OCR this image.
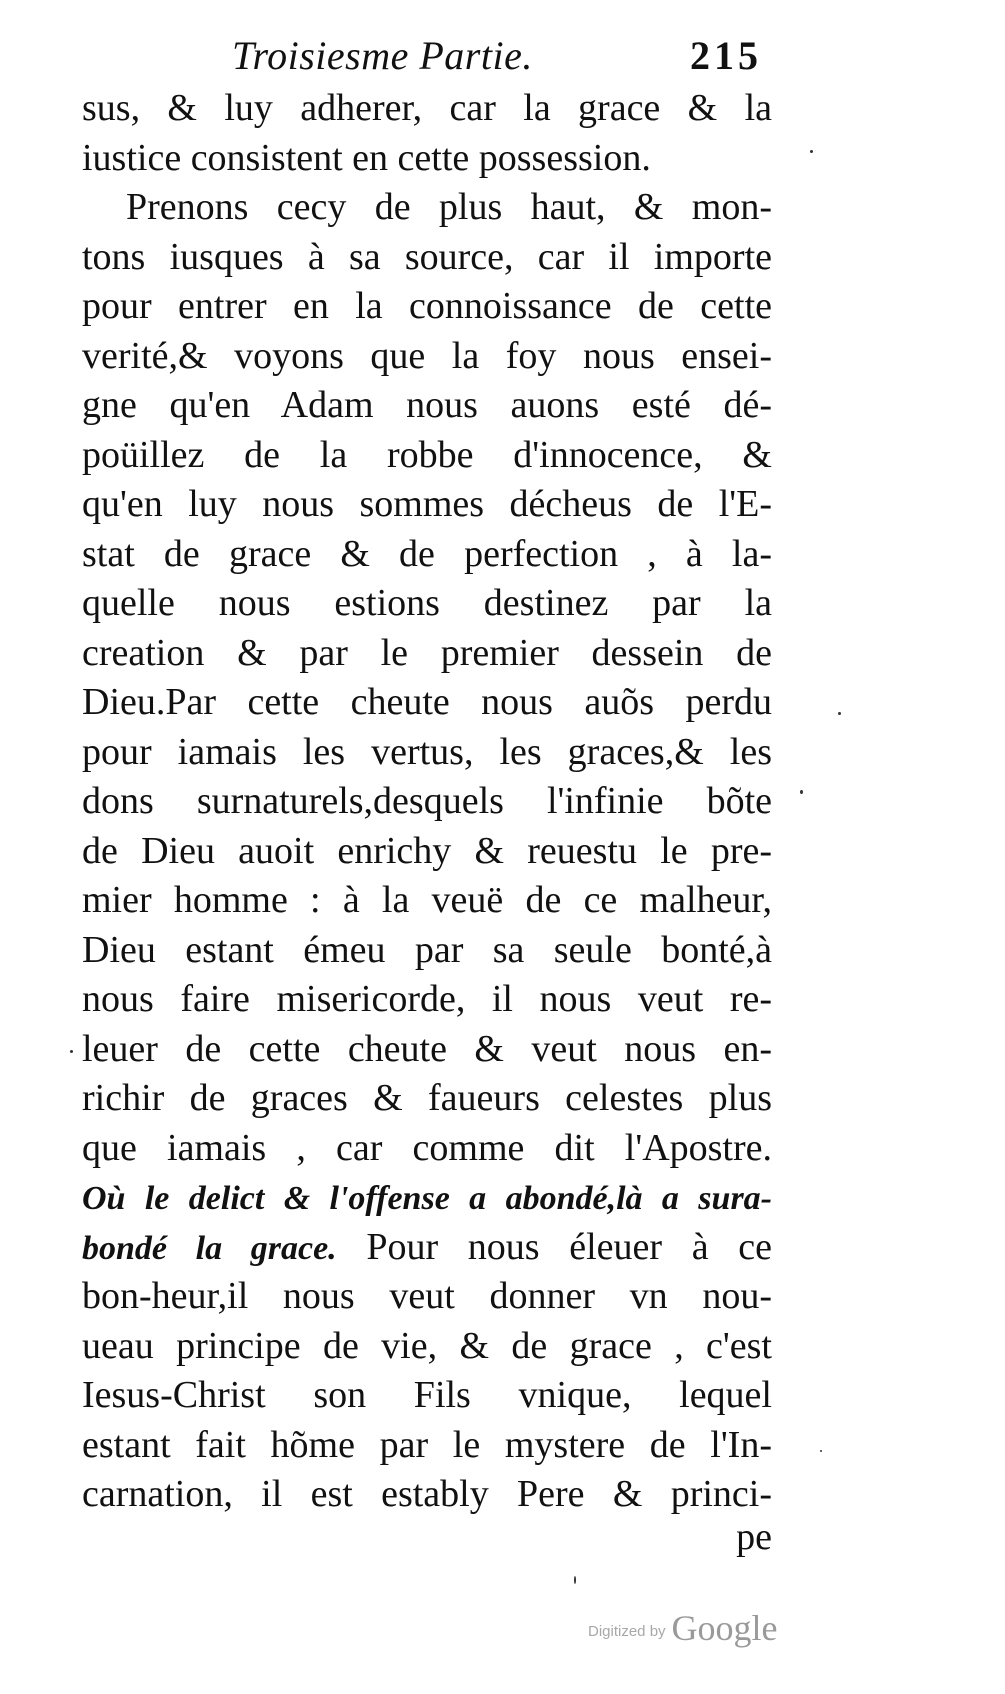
Troisiesme Partie.	215
sus, & luy adherer, car la grace & la
iustice consistent en cette possession.
Prenons cecy de plus haut, & mon-
tons iusques à sa source, car il importe
pour entrer en la connoissance de cette
verité,& voyons que la foy nous ensei-
gne qu'en Adam nous auons esté dé-
poüillez de la robbe d'innocence, &
qu'en luy nous sommes décheus de l'E-
stat de grace & de perfection , à la-
quelle nous estions destinez par la
creation & par le premier dessein de
Dieu.Par cette cheute nous auõs perdu
pour iamais les vertus, les graces,& les
dons surnaturels,desquels l'infinie bõte
de Dieu auoit enrichy & reuestu le pre-
mier homme : à la veuë de ce malheur,
Dieu estant émeu par sa seule bonté,à
nous faire misericorde, il nous veut re-
leuer de cette cheute & veut nous en-
richir de graces & faueurs celestes plus
que iamais , car comme dit l'Apostre.
Où le delict & l'offense a abondé,là a sura-
bondé la grace. Pour nous éleuer à ce
bon-heur,il nous veut donner vn nou-
ueau principe de vie, & de grace , c'est
Iesus-Christ son Fils vnique, lequel
estant fait hõme par le mystere de l'In-
carnation, il est estably Pere & princi-
pe
Digitized by Google
